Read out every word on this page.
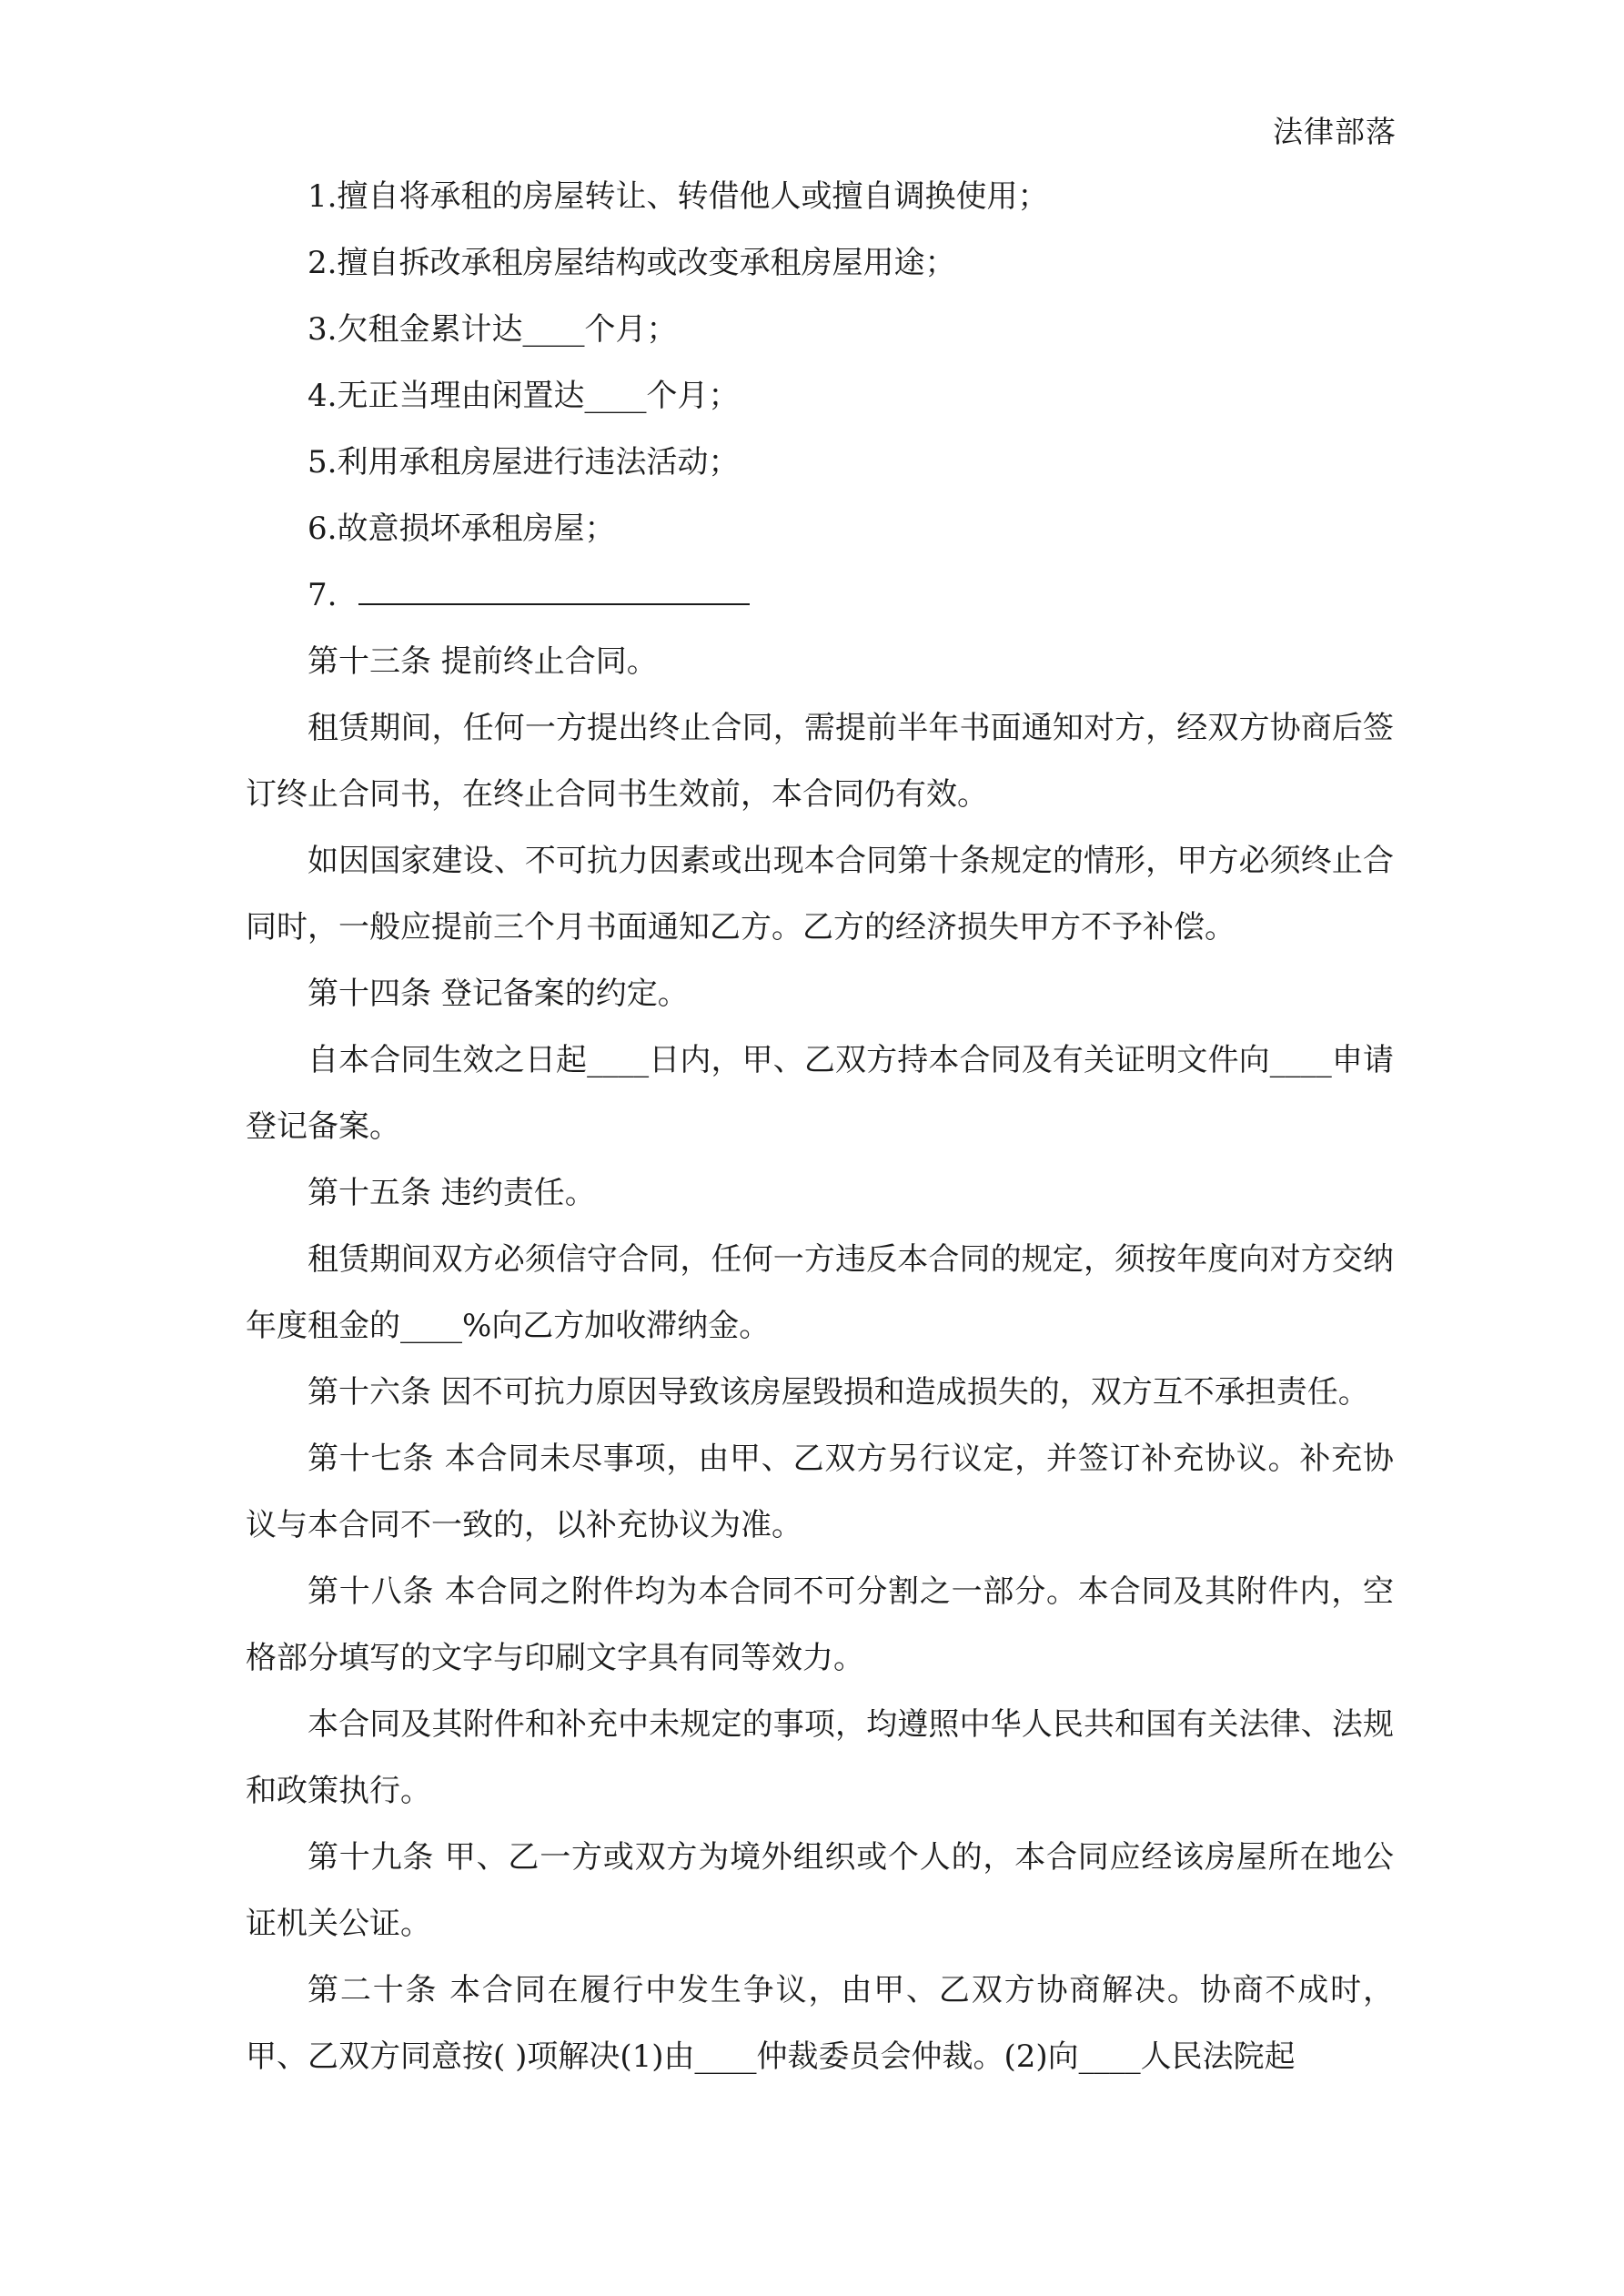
法律部落

1.擅自将承租的房屋转让、转借他人或擅自调换使用；

2.擅自拆改承租房屋结构或改变承租房屋用途；

3.欠租金累计达____个月；

4.无正当理由闲置达____个月；

5.利用承租房屋进行违法活动；

6.故意损坏承租房屋；

7.

第十三条 提前终止合同。

租赁期间，任何一方提出终止合同，需提前半年书面通知对方，经双方协商后签订终止合同书，在终止合同书生效前，本合同仍有效。

如因国家建设、不可抗力因素或出现本合同第十条规定的情形，甲方必须终止合同时，一般应提前三个月书面通知乙方。乙方的经济损失甲方不予补偿。

第十四条 登记备案的约定。

自本合同生效之日起____日内，甲、乙双方持本合同及有关证明文件向____申请登记备案。

第十五条 违约责任。

租赁期间双方必须信守合同，任何一方违反本合同的规定，须按年度向对方交纳年度租金的____%向乙方加收滞纳金。

第十六条 因不可抗力原因导致该房屋毁损和造成损失的，双方互不承担责任。

第十七条 本合同未尽事项，由甲、乙双方另行议定，并签订补充协议。补充协议与本合同不一致的，以补充协议为准。

第十八条 本合同之附件均为本合同不可分割之一部分。本合同及其附件内，空格部分填写的文字与印刷文字具有同等效力。

本合同及其附件和补充中未规定的事项，均遵照中华人民共和国有关法律、法规和政策执行。

第十九条 甲、乙一方或双方为境外组织或个人的，本合同应经该房屋所在地公证机关公证。

第二十条 本合同在履行中发生争议，由甲、乙双方协商解决。协商不成时，甲、乙双方同意按( )项解决(1)由____仲裁委员会仲裁。(2)向____人民法院起
